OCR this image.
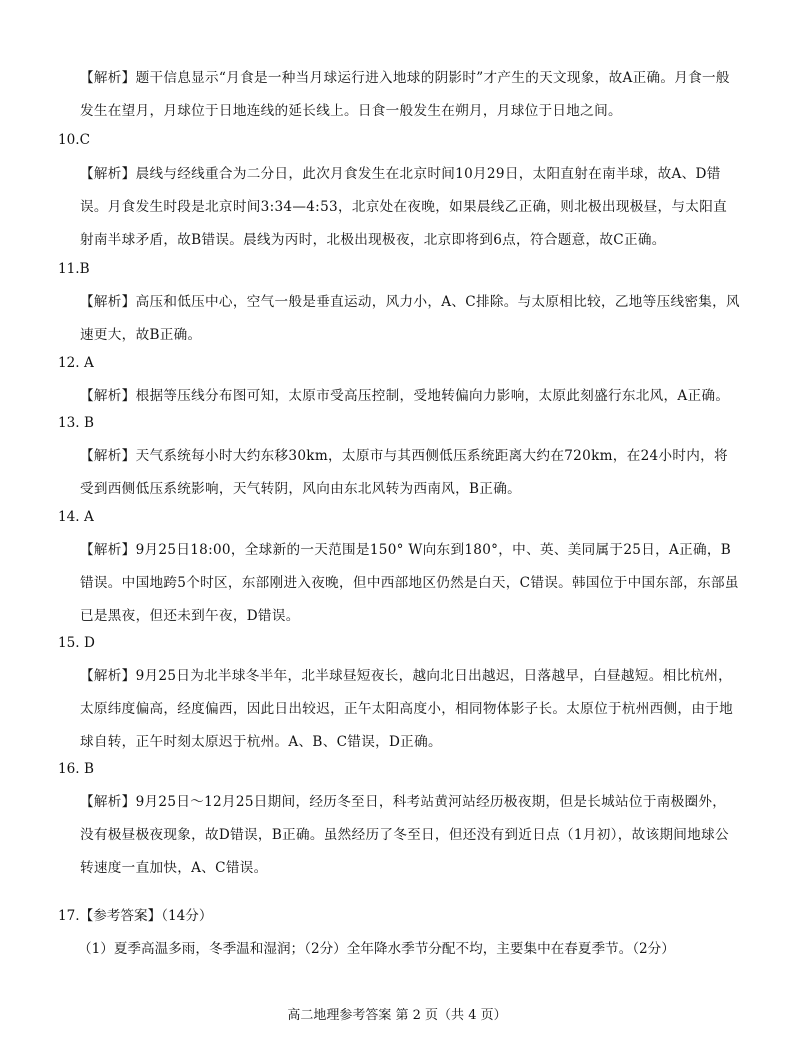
【解析】题干信息显示“月食是一种当月球运行进入地球的阴影时”才产生的天文现象，故A正确。月食一般发生在望月，月球位于日地连线的延长线上。日食一般发生在朔月，月球位于日地之间。
10.C
【解析】晨线与经线重合为二分日，此次月食发生在北京时间10月29日，太阳直射在南半球，故A、D错误。月食发生时段是北京时间3:34—4:53，北京处在夜晚，如果晨线乙正确，则北极出现极昼，与太阳直射南半球矛盾，故B错误。晨线为丙时，北极出现极夜，北京即将到6点，符合题意，故C正确。
11.B
【解析】高压和低压中心，空气一般是垂直运动，风力小，A、C排除。与太原相比较，乙地等压线密集，风速更大，故B正确。
12. A
【解析】根据等压线分布图可知，太原市受高压控制，受地转偏向力影响，太原此刻盛行东北风，A正确。
13. B
【解析】天气系统每小时大约东移30km，太原市与其西侧低压系统距离大约在720km，在24小时内，将受到西侧低压系统影响，天气转阴，风向由东北风转为西南风，B正确。
14. A
【解析】9月25日18:00，全球新的一天范围是150° W向东到180°，中、英、美同属于25日，A正确，B错误。中国地跨5个时区，东部刚进入夜晚，但中西部地区仍然是白天，C错误。韩国位于中国东部，东部虽已是黑夜，但还未到午夜，D错误。
15. D
【解析】9月25日为北半球冬半年，北半球昼短夜长，越向北日出越迟，日落越早，白昼越短。相比杭州，太原纬度偏高，经度偏西，因此日出较迟，正午太阳高度小，相同物体影子长。太原位于杭州西侧，由于地球自转，正午时刻太原迟于杭州。A、B、C错误，D正确。
16. B
【解析】9月25日～12月25日期间，经历冬至日，科考站黄河站经历极夜期，但是长城站位于南极圈外，没有极昼极夜现象，故D错误，B正确。虽然经历了冬至日，但还没有到近日点（1月初），故该期间地球公转速度一直加快，A、C错误。
17.【参考答案】（14分）
（1）夏季高温多雨，冬季温和湿润；（2分）全年降水季节分配不均，主要集中在春夏季节。（2分）
高二地理参考答案 第 2 页（共 4 页）
